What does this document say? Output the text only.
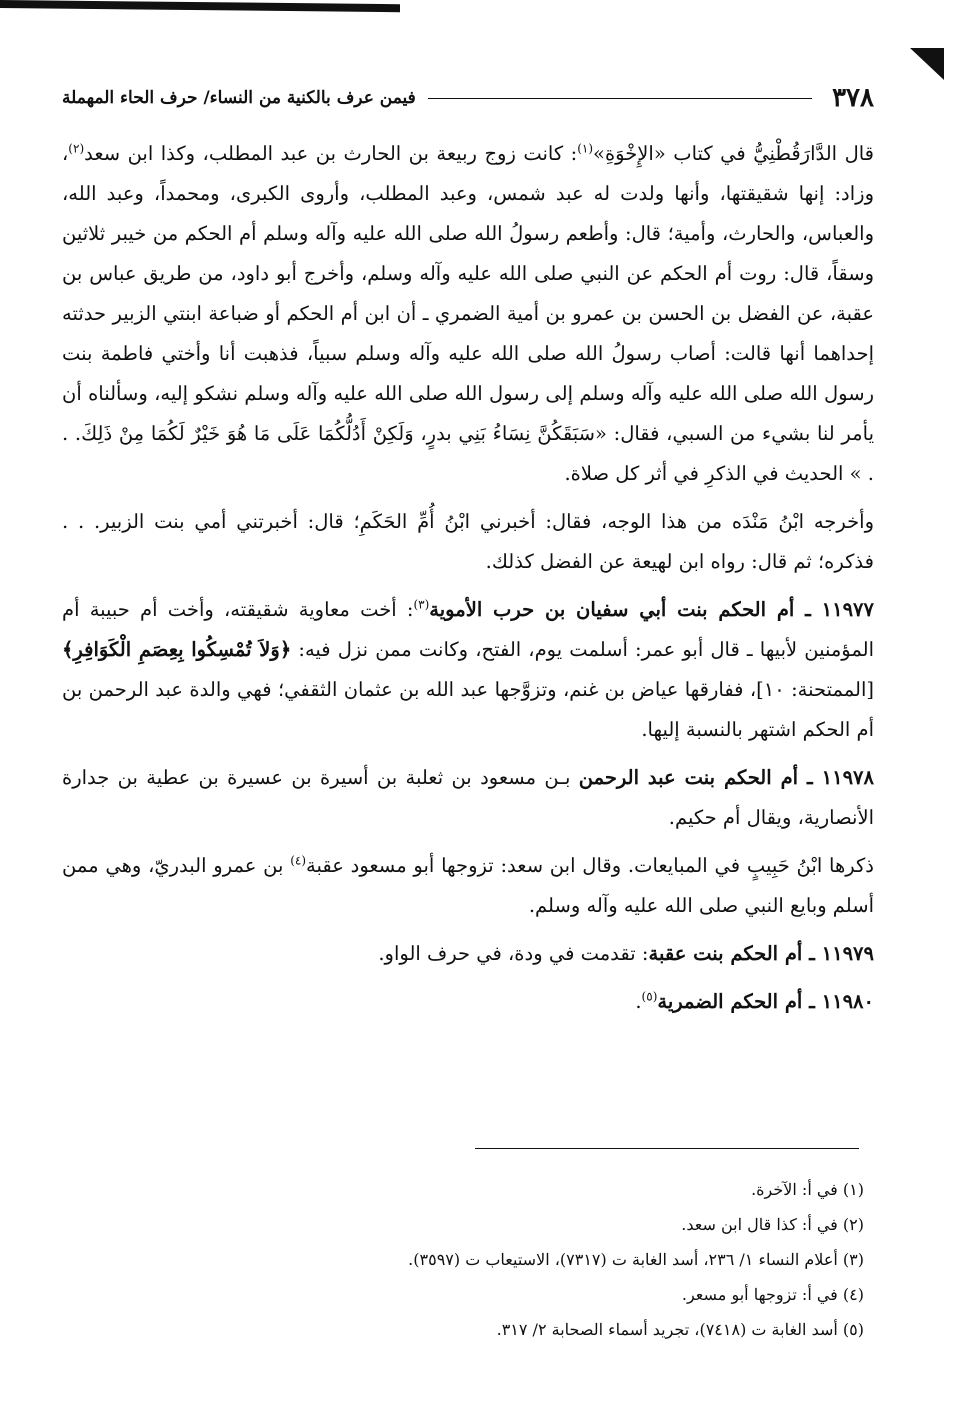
٣٧٨
فيمن عرف بالكنية من النساء/ حرف الحاء المهملة

قال الدَّارَقُطْنِيُّ في كتاب «الإِخْوَةِ»$^{(١)}$: كانت زوج ربيعة بن الحارث بن عبد المطلب، وكذا ابن سعد$^{(٢)}$، وزاد: إنها شقيقتها، وأنها ولدت له عبد شمس، وعبد المطلب، وأروى الكبرى، ومحمداً، وعبد الله، والعباس، والحارث، وأمية؛ قال: وأطعم رسولُ الله صلى الله عليه وآله وسلم أم الحكم من خيبر ثلاثين وسقاً، قال: روت أم الحكم عن النبي صلى الله عليه وآله وسلم، وأخرج أبو داود، من طريق عباس بن عقبة، عن الفضل بن الحسن بن عمرو بن أمية الضمري ـ أن ابن أم الحكم أو ضباعة ابنتي الزبير حدثته إحداهما أنها قالت: أصاب رسولُ الله صلى الله عليه وآله وسلم سبياً، فذهبت أنا وأختي فاطمة بنت رسول الله صلى الله عليه وآله وسلم إلى رسول الله صلى الله عليه وآله وسلم نشكو إليه، وسألناه أن يأمر لنا بشيء من السبي، فقال: «سَبَقَكُنَّ نِسَاءُ بَنِي بدرٍ، وَلَكِنْ أَدُلُّكُمَا عَلَى مَا هُوَ خَيْرٌ لَكُمَا مِنْ ذَلِكَ. . . » الحديث في الذكرِ في أثر كل صلاة.

وأخرجه ابْنُ مَنْدَه من هذا الوجه، فقال: أخبرني ابْنُ أُمِّ الحَكَمِ؛ قال: أخبرتني أمي بنت الزبير. . . فذكره؛ ثم قال: رواه ابن لهيعة عن الفضل كذلك.

١١٩٧٧ ـ أم الحكم بنت أبي سفيان بن حرب الأموية$^{(٣)}$: أخت معاوية شقيقته، وأخت أم حبيبة أم المؤمنين لأبيها ـ قال أبو عمر: أسلمت يوم، الفتح، وكانت ممن نزل فيه: ﴿وَلاَ تُمْسِكُوا بِعِصَمِ الْكَوَافِرِ﴾ [الممتحنة: ١٠]، ففارقها عياض بن غنم، وتزوَّجها عبد الله بن عثمان الثقفي؛ فهي والدة عبد الرحمن بن أم الحكم اشتهر بالنسبة إليها.

١١٩٧٨ ـ أم الحكم بنت عبد الرحمن بـن مسعود بن ثعلبة بن أسيرة بن عسيرة بن عطية بن جدارة الأنصارية، ويقال أم حكيم.

ذكرها ابْنُ حَبِيبٍ في المبايعات. وقال ابن سعد: تزوجها أبو مسعود عقبة$^{(٤)}$ بن عمرو البدريّ، وهي ممن أسلم وبايع النبي صلى الله عليه وآله وسلم.

١١٩٧٩ ـ أم الحكم بنت عقبة: تقدمت في ودة، في حرف الواو.

١١٩٨٠ ـ أم الحكم الضمرية$^{(٥)}$.

(١) في أ: الآخرة.

(٢) في أ: كذا قال ابن سعد.

(٣) أعلام النساء ١/ ٢٣٦، أسد الغابة ت (٧٣١٧)، الاستيعاب ت (٣٥٩٧).

(٤) في أ: تزوجها أبو مسعر.

(٥) أسد الغابة ت (٧٤١٨)، تجريد أسماء الصحابة ٢/ ٣١٧.
